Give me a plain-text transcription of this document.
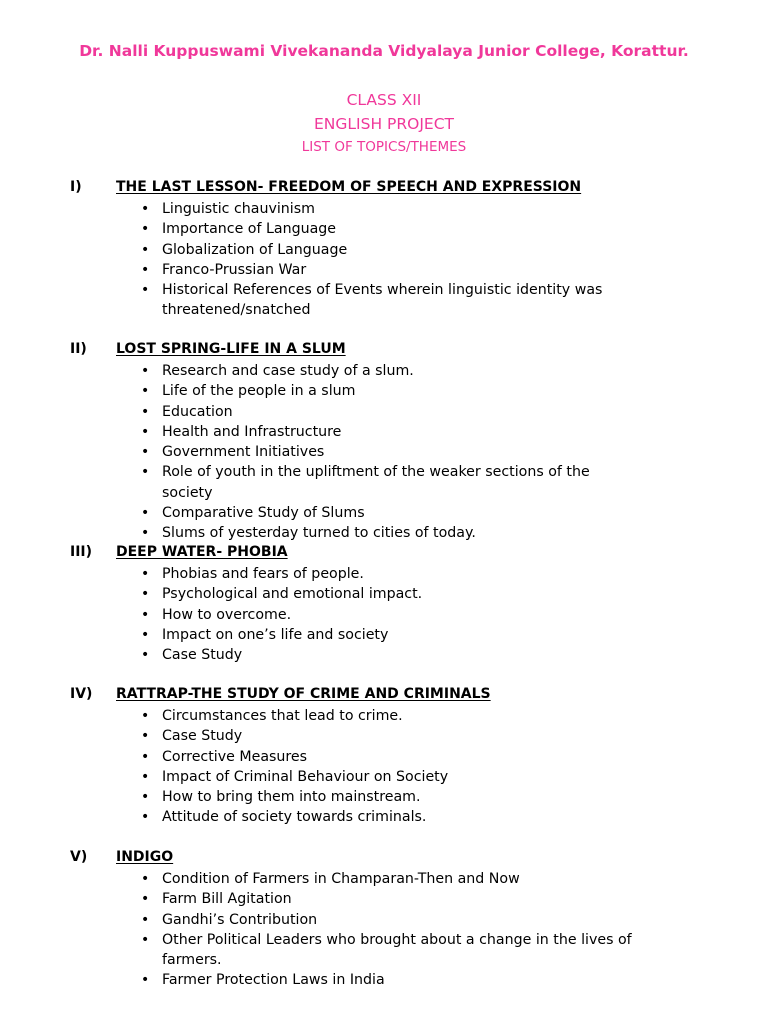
Dr. Nalli Kuppuswami Vivekananda Vidyalaya Junior College, Korattur.
CLASS XII
ENGLISH PROJECT
LIST OF TOPICS/THEMES
I) THE LAST LESSON- FREEDOM OF SPEECH AND EXPRESSION
• Linguistic chauvinism
• Importance of Language
• Globalization of Language
• Franco-Prussian War
• Historical References of Events wherein linguistic identity was threatened/snatched
II) LOST SPRING-LIFE IN A SLUM
• Research and case study of a slum.
• Life of the people in a slum
• Education
• Health and Infrastructure
• Government Initiatives
• Role of youth in the upliftment of the weaker sections of the society
• Comparative Study of Slums
• Slums of yesterday turned to cities of today.
III) DEEP WATER- PHOBIA
• Phobias and fears of people.
• Psychological and emotional impact.
• How to overcome.
• Impact on one’s life and society
• Case Study
IV) RATTRAP-THE STUDY OF CRIME AND CRIMINALS
• Circumstances that lead to crime.
• Case Study
• Corrective Measures
• Impact of Criminal Behaviour on Society
• How to bring them into mainstream.
• Attitude of society towards criminals.
V) INDIGO
• Condition of Farmers in Champaran-Then and Now
• Farm Bill Agitation
• Gandhi’s Contribution
• Other Political Leaders who brought about a change in the lives of farmers.
• Farmer Protection Laws in India
